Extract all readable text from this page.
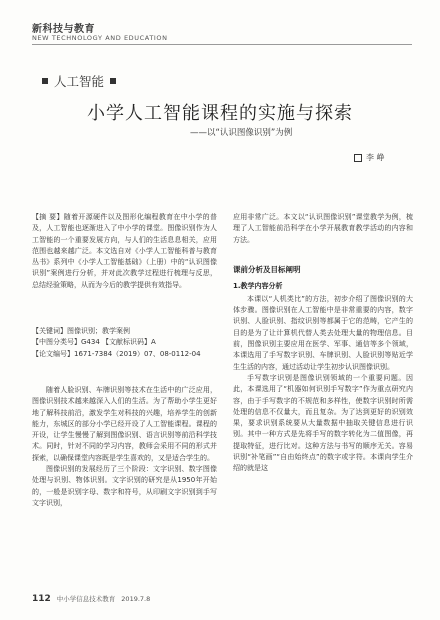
新科技与教育
NEW TECHNOLOGY AND EDUCATION
人工智能
小学人工智能课程的实施与探索
——以“认识图像识别”为例
李 峥

【摘 要】随着开源硬件以及图形化编程教育在中小学的普及，人工智能也逐渐进入了中小学的课堂。图像识别作为人工智能的一个重要发展方向，与人们的生活息息相关，应用范围也越来越广泛。本文选自对《小学人工智能科普与教育丛书》系列中《小学人工智能基础》（上册）中的“认识图像识别”案例进行分析，并对此次教学过程进行梳理与反思，总结经验策略，从而为今后的教学提供有效指导。

【关键词】图像识别；教学案例
【中图分类号】G434 【文献标识码】A
【论文编号】1671-7384（2019）07、08-0112-04

随着人脸识别、车牌识别等技术在生活中的广泛应用，图像识别技术越来越深入人们的生活。为了帮助小学生更好地了解科技前沿，激发学生对科技的兴趣，培养学生的创新能力，东城区的部分小学已经开设了人工智能课程。课程的开设，让学生慢慢了解到图像识别、语言识别等前沿科学技术。同时，针对不同的学习内容，教师会采用不同的形式并探索，以确保课堂内容既是学生喜欢的，又是适合学生的。

图像识别的发展经历了三个阶段：文字识别、数字图像处理与识别、物体识别。文字识别的研究是从1950年开始的，一般是识别字母、数字和符号，从印刷文字识别到手写文字识别，

应用非常广泛。本文以“认识图像识别”课堂教学为例，梳理了人工智能前沿科学在小学开展教育教学活动的内容和方法。

课前分析及目标阐明
1.教学内容分析

本课以“人机类比”的方法，初步介绍了图像识别的大体步骤。图像识别在人工智能中是非常重要的内容，数字识别、人脸识别、指纹识别等都属于它的范畴，它产生的目的是为了让计算机代替人类去处理大量的物理信息。目前，图像识别主要应用在医学、军事、通信等多个领域，本课选用了手写数字识别、车牌识别、人脸识别等贴近学生生活的内容，通过活动让学生初步认识图像识别。

手写数字识别是图像识别领域的一个重要问题。因此，本课选用了“机器如何识别手写数字”作为重点研究内容，由于手写数字的不规范和多样性，使数字识别时所需处理的信息不仅量大，而且复杂。为了达到更好的识别效果，要求识别系统要从大量数据中抽取关键信息进行识别。其中一种方式是先将手写的数字转化为二值图像，再提取特征，进行比对。这种方法与书写的顺序无关。容易识别“补笔画”“自由始终点”的数字或字符。本课向学生介绍的就是这

112 中小学信息技术教育 2019.7.8
